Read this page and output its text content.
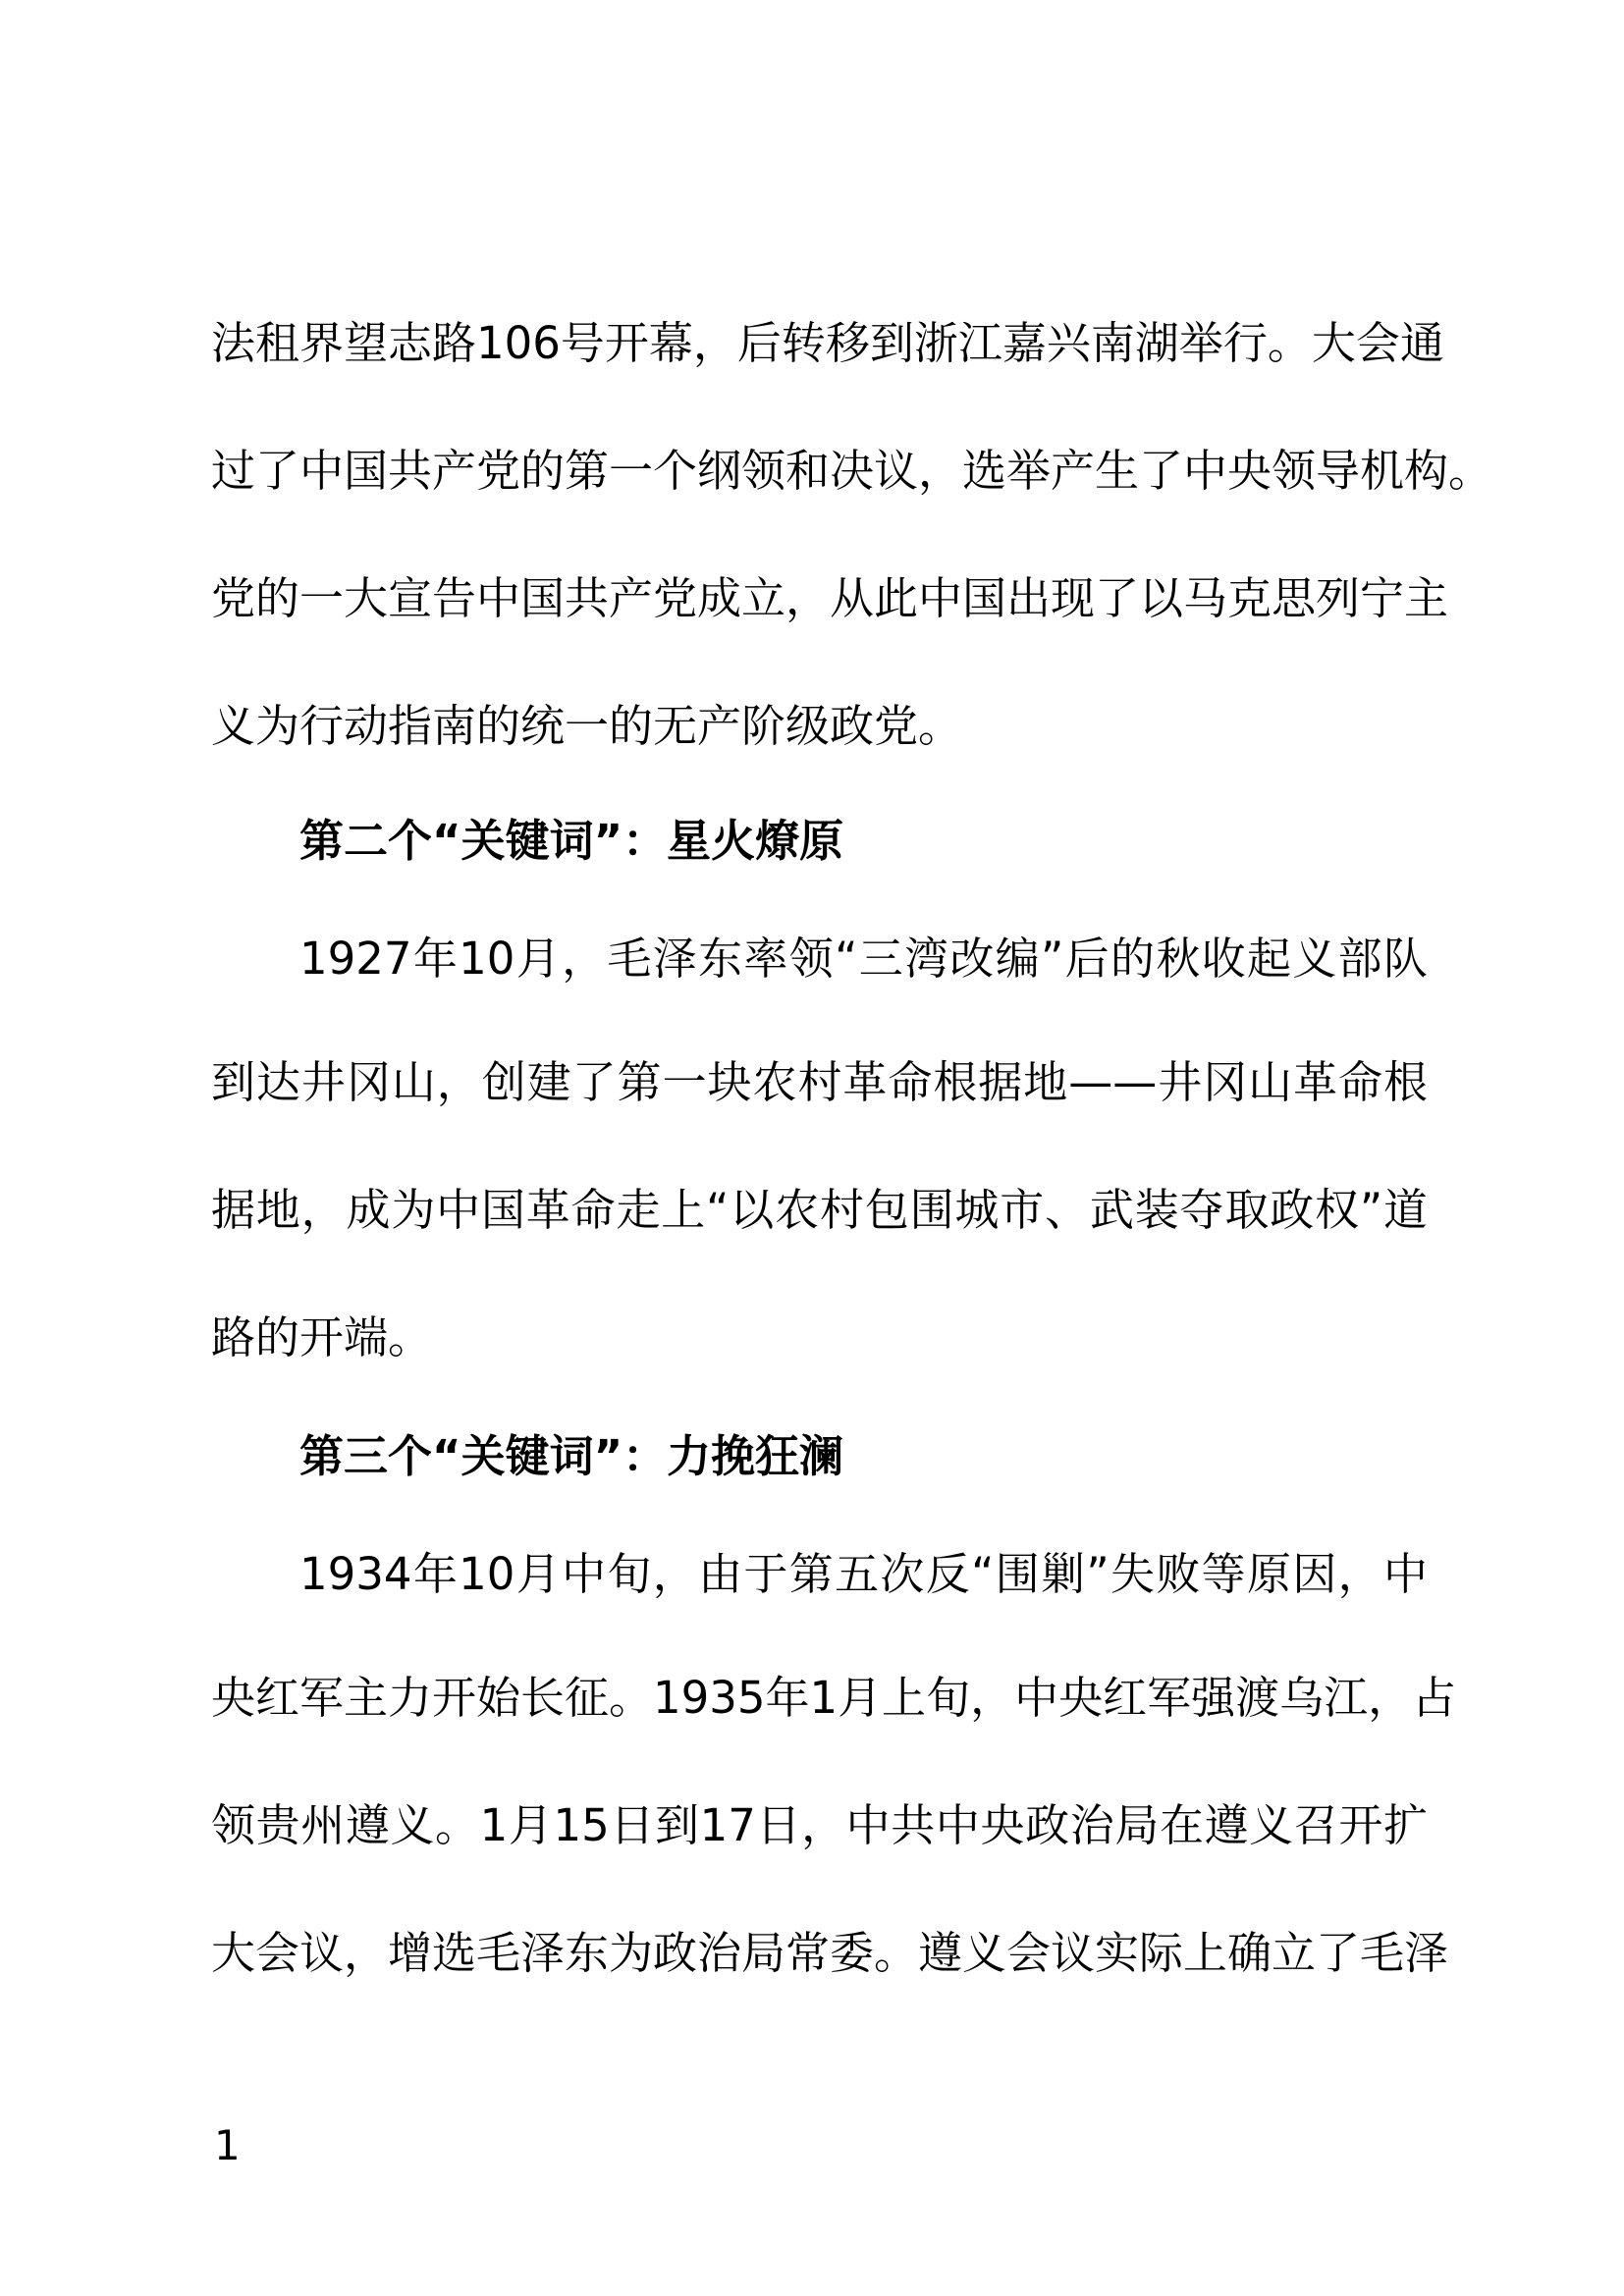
法租界望志路106号开幕，后转移到浙江嘉兴南湖举行。大会通
过了中国共产党的第一个纲领和决议，选举产生了中央领导机构。
党的一大宣告中国共产党成立，从此中国出现了以马克思列宁主
义为行动指南的统一的无产阶级政党。
第二个“关键词”：星火燎原
1927年10月，毛泽东率领“三湾改编”后的秋收起义部队
到达井冈山，创建了第一块农村革命根据地——井冈山革命根
据地，成为中国革命走上“以农村包围城市、武装夺取政权”道
路的开端。
第三个“关键词”：力挽狂澜
1934年10月中旬，由于第五次反“围剿”失败等原因，中
央红军主力开始长征。1935年1月上旬，中央红军强渡乌江，占
领贵州遵义。1月15日到17日，中共中央政治局在遵义召开扩
大会议，增选毛泽东为政治局常委。遵义会议实际上确立了毛泽
1
